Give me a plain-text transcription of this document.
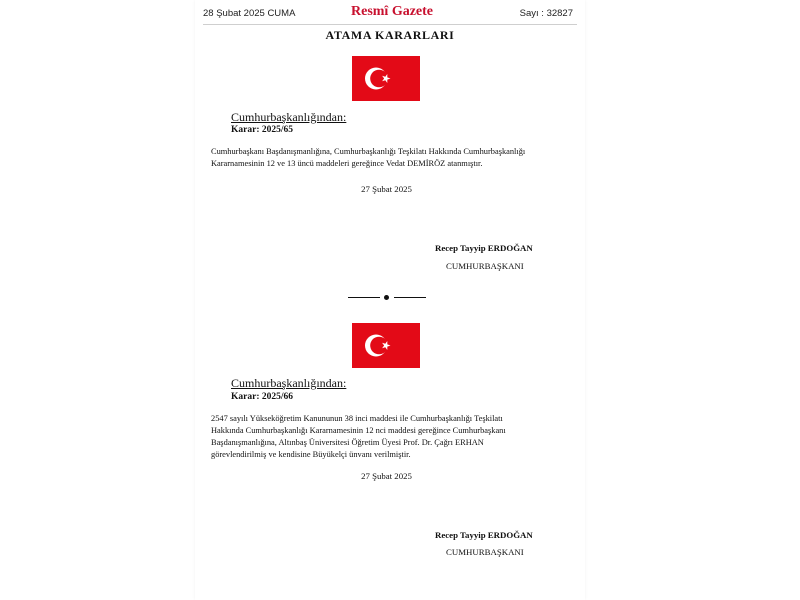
28 Şubat 2025 CUMA	Resmî Gazete	Sayı : 32827
ATAMA KARARLARI
Cumhurbaşkanlığından:
Karar: 2025/65
Cumhurbaşkanı Başdanışmanlığına, Cumhurbaşkanlığı Teşkilatı Hakkında Cumhurbaşkanlığı
Kararnamesinin 12 ve 13 üncü maddeleri gereğince Vedat DEMİRÖZ atanmıştır.
27 Şubat 2025
Recep Tayyip ERDOĞAN
CUMHURBAŞKANI
Cumhurbaşkanlığından:
Karar: 2025/66
2547 sayılı Yükseköğretim Kanununun 38 inci maddesi ile Cumhurbaşkanlığı Teşkilatı
Hakkında Cumhurbaşkanlığı Kararnamesinin 12 nci maddesi gereğince Cumhurbaşkanı
Başdanışmanlığına, Altınbaş Üniversitesi Öğretim Üyesi Prof. Dr. Çağrı ERHAN
görevlendirilmiş ve kendisine Büyükelçi ünvanı verilmiştir.
27 Şubat 2025
Recep Tayyip ERDOĞAN
CUMHURBAŞKANI
